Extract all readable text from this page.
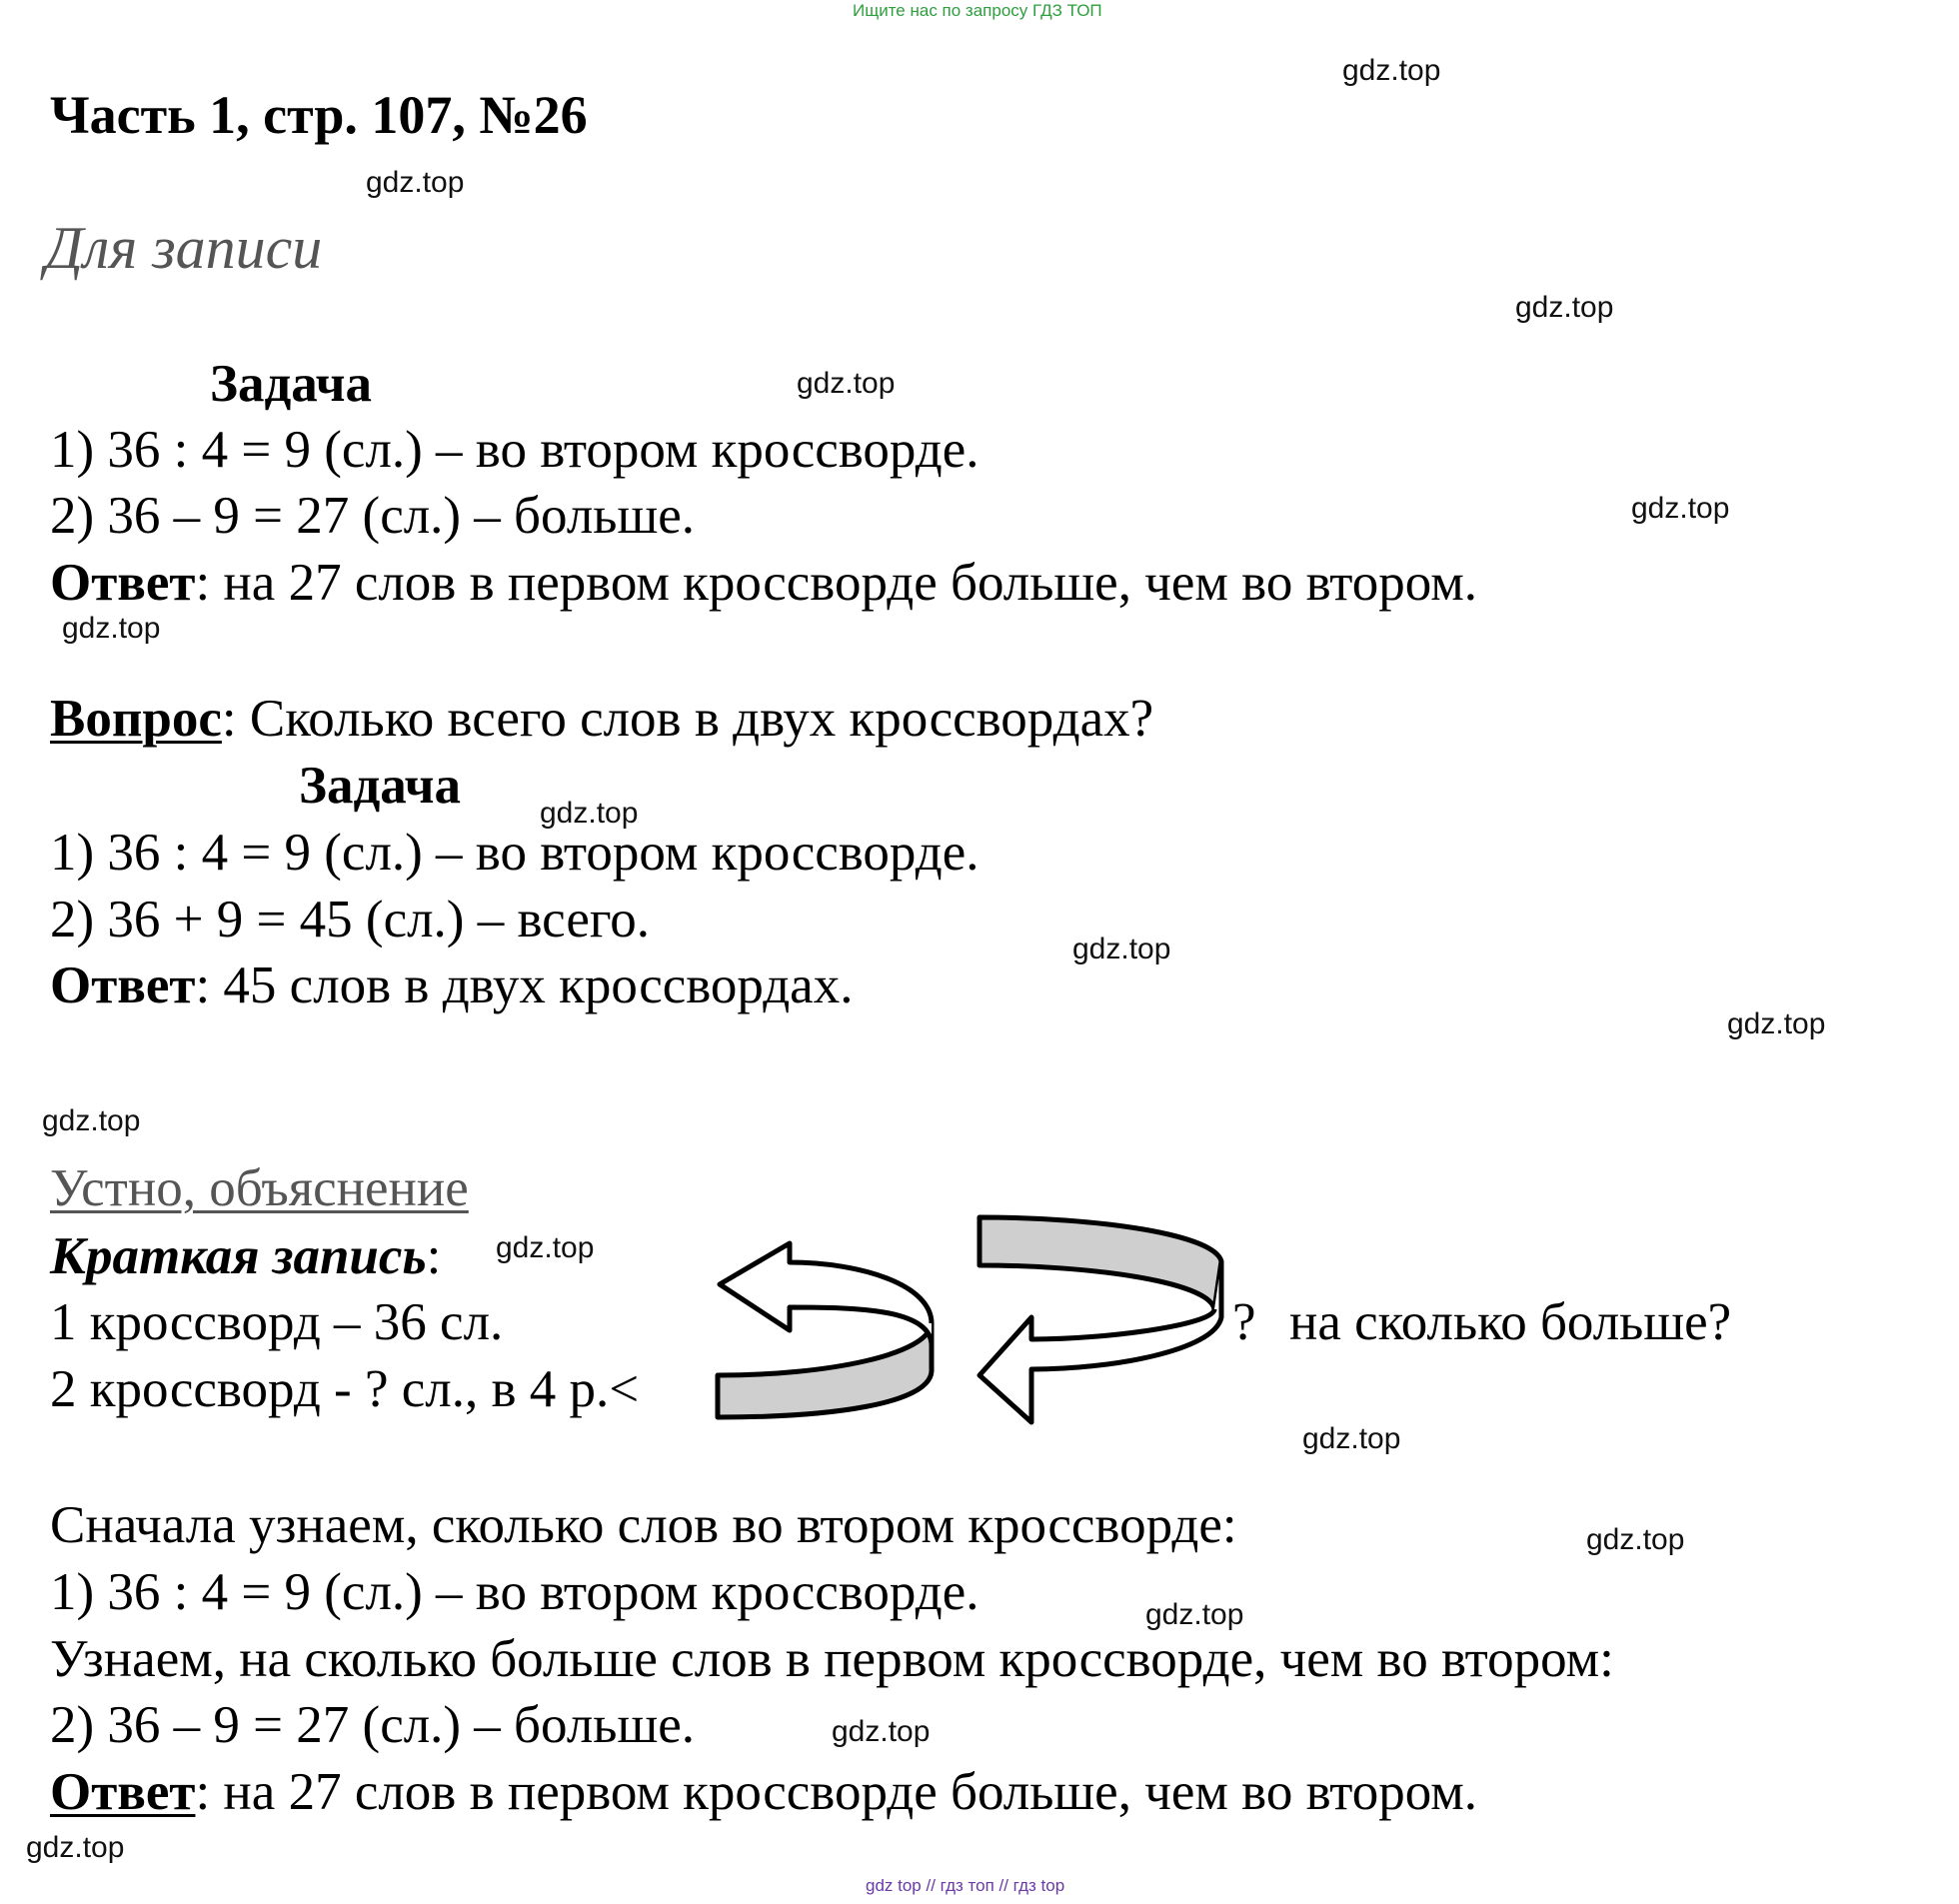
Ищите нас по запросу ГДЗ ТОП
Часть 1, стр. 107, №26
gdz.top
gdz.top
gdz.top
gdz.top
gdz.top
gdz.top
gdz.top
gdz.top
gdz.top
gdz.top
gdz.top
gdz.top
gdz.top
gdz.top
gdz.top
gdz.top
Для записи
Задача
1) 36 : 4 = 9 (сл.) – во втором кроссворде.
2) 36 – 9 = 27 (сл.) – больше.
Ответ: на 27 слов в первом кроссворде больше, чем во втором.
Вопрос: Сколько всего слов в двух кроссвордах?
Задача
1) 36 : 4 = 9 (сл.) – во втором кроссворде.
2) 36 + 9 = 45 (сл.) – всего.
Ответ: 45 слов в двух кроссвордах.
Устно, объяснение
Краткая запись:
1 кроссворд – 36 сл.
2 кроссворд - ? сл., в 4 р.<
? на сколько больше?
Сначала узнаем, сколько слов во втором кроссворде:
1) 36 : 4 = 9 (сл.) – во втором кроссворде.
Узнаем, на сколько больше слов в первом кроссворде, чем во втором:
2) 36 – 9 = 27 (сл.) – больше.
Ответ: на 27 слов в первом кроссворде больше, чем во втором.
gdz top // гдз топ // гдз top
